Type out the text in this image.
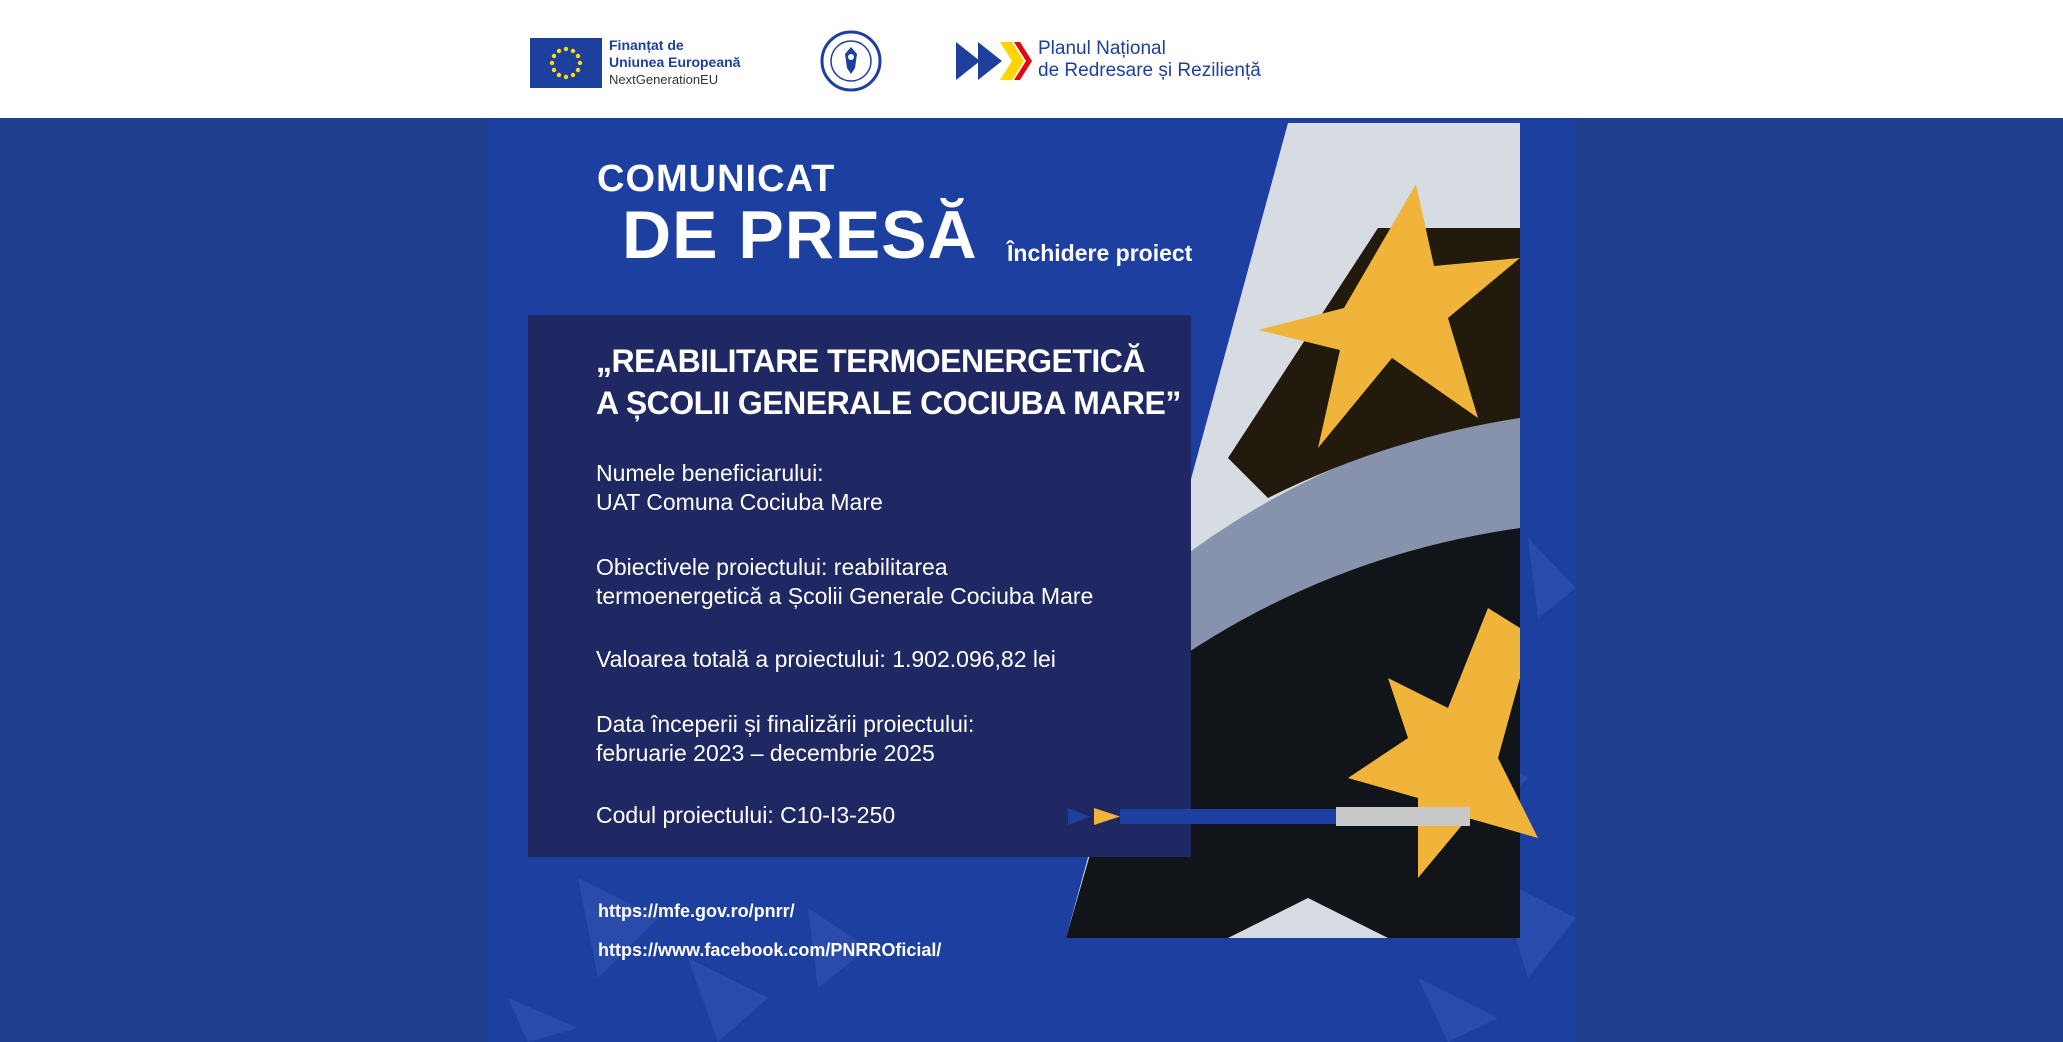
Finanțat de
Uniunea Europeană
NextGenerationEU
Planul Național
de Redresare și Reziliență
COMUNICAT
DE PRESĂ Închidere proiect
„REABILITARE TERMOENERGETICĂ
A ȘCOLII GENERALE COCIUBA MARE”
Numele beneficiarului:
UAT Comuna Cociuba Mare
Obiectivele proiectului: reabilitarea
termoenergetică a Școlii Generale Cociuba Mare
Valoarea totală a proiectului: 1.902.096,82 lei
Data începerii și finalizării proiectului:
februarie 2023 – decembrie 2025
Codul proiectului: C10-I3-250
https://mfe.gov.ro/pnrr/
https://www.facebook.com/PNRROficial/
